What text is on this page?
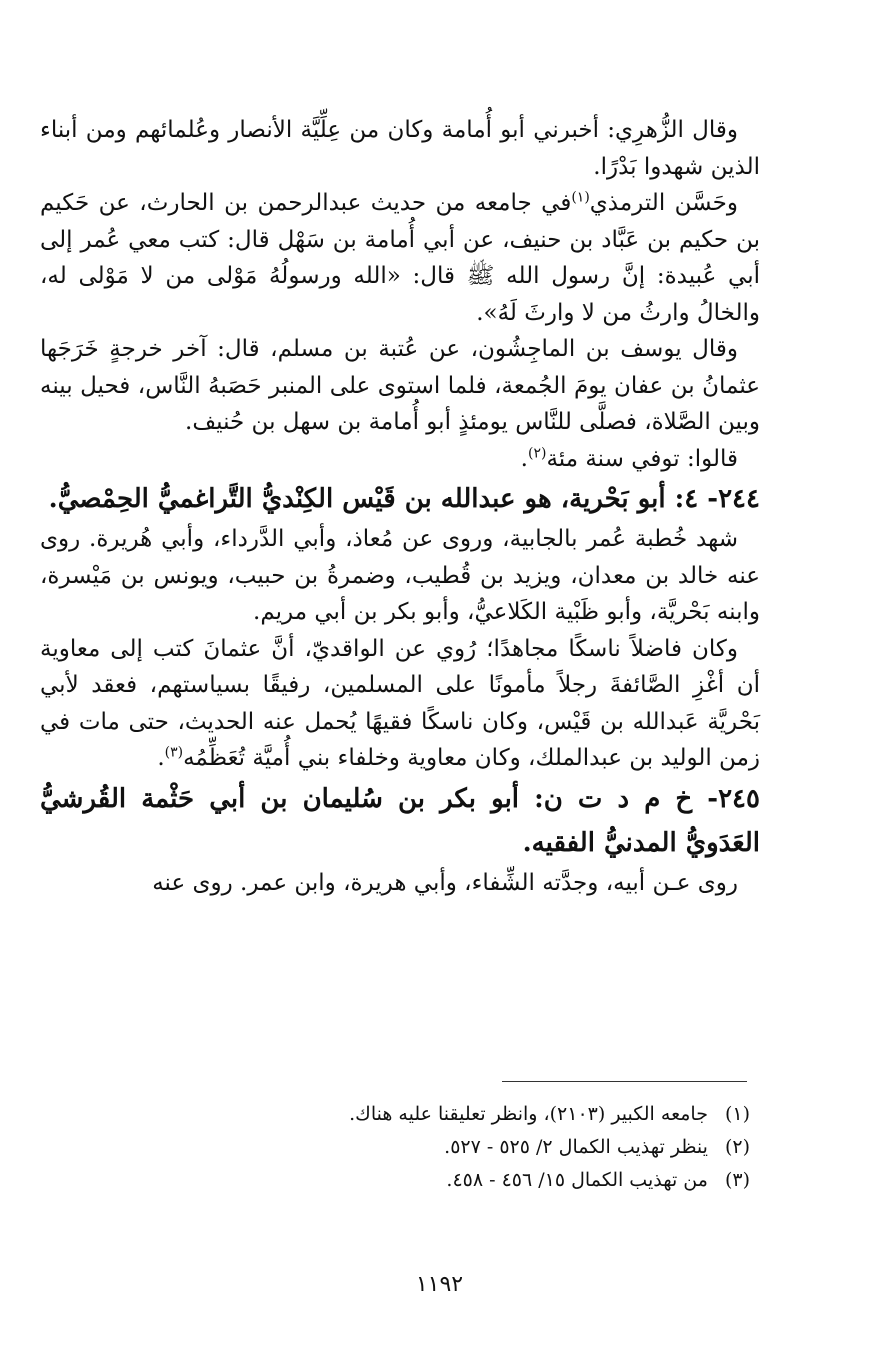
وقال الزُّهرِي: أخبرني أبو أُمامة وكان من عِلِّيَّة الأنصار وعُلمائهم ومن أبناء الذين شهدوا بَدْرًا.

وحَسَّن الترمذي$^{(١)}$في جامعه من حديث عبدالرحمن بن الحارث، عن حَكيم بن حكيم بن عَبَّاد بن حنيف، عن أبي أُمامة بن سَهْل قال: كتب معي عُمر إلى أبي عُبيدة: إنَّ رسول الله ﷺ قال: «الله ورسولُهُ مَوْلى من لا مَوْلى له، والخالُ وارثُ من لا وارثَ لَهُ».

وقال يوسف بن الماجِشُون، عن عُتبة بن مسلم، قال: آخر خرجةٍ خَرَجَها عثمانُ بن عفان يومَ الجُمعة، فلما استوى على المنبر حَصَبهُ النَّاس، فحيل بينه وبين الصَّلاة، فصلَّى للنَّاس يومئذٍ أبو أُمامة بن سهل بن حُنيف.

قالوا: توفي سنة مئة$^{(٢)}$.

٢٤٤- ٤: أبو بَحْرية، هو عبدالله بن قَيْس الكِنْديُّ التَّراغميُّ الحِمْصيُّ.

شهد خُطبة عُمر بالجابية، وروى عن مُعاذ، وأبي الدَّرداء، وأبي هُريرة. روى عنه خالد بن معدان، ويزيد بن قُطيب، وضمرةُ بن حبيب، ويونس بن مَيْسرة، وابنه بَحْريَّة، وأبو ظَبْية الكَلاعيُّ، وأبو بكر بن أبي مريم.

وكان فاضلاً ناسكًا مجاهدًا؛ رُوي عن الواقديّ، أنَّ عثمانَ كتب إلى معاوية أن أغْزِ الصَّائفةَ رجلاً مأمونًا على المسلمين، رفيقًا بسياستهم، فعقد لأبي بَحْريَّة عَبدالله بن قَيْس، وكان ناسكًا فقيهًا يُحمل عنه الحديث، حتى مات في زمن الوليد بن عبدالملك، وكان معاوية وخلفاء بني أُميَّة تُعَظِّمُه$^{(٣)}$.

٢٤٥- خ م د ت ن: أبو بكر بن سُليمان بن أبي حَثْمة القُرشيُّ العَدَويُّ المدنيُّ الفقيه.

روى عـن أبيه، وجدَّته الشِّفاء، وأبي هريرة، وابن عمر. روى عنه

(١) جامعه الكبير (٢١٠٣)، وانظر تعليقنا عليه هناك.

(٢) ينظر تهذيب الكمال ٢/ ٥٢٥ - ٥٢٧.

(٣) من تهذيب الكمال ١٥/ ٤٥٦ - ٤٥٨.

١١٩٢
